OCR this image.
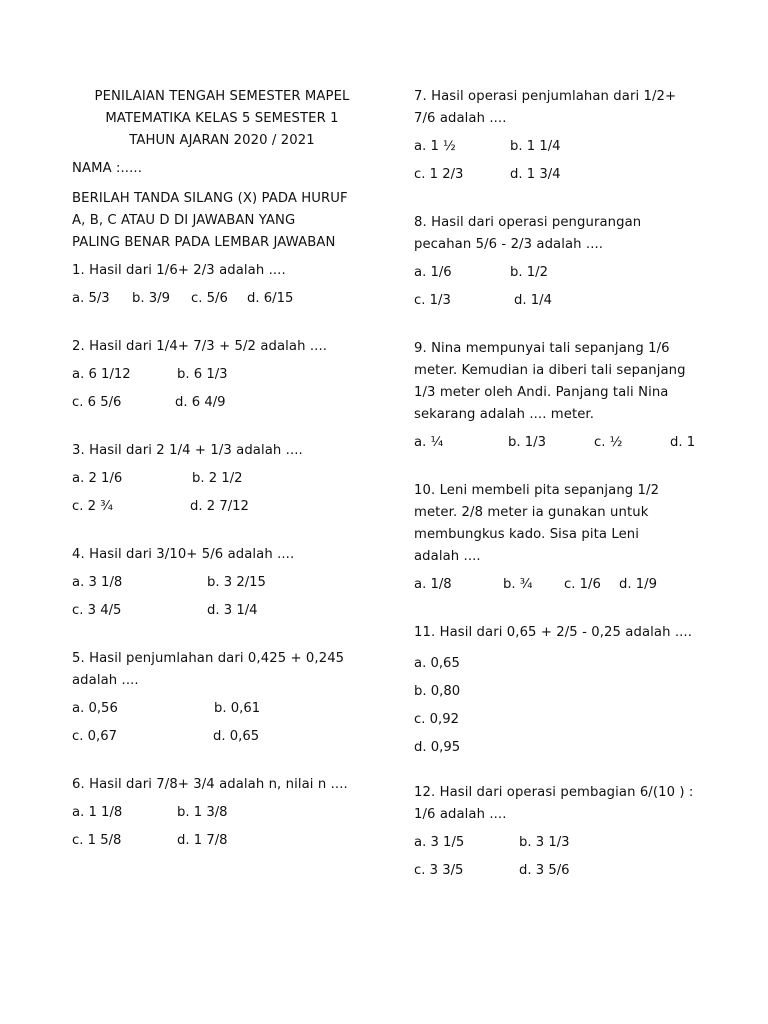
PENILAIAN TENGAH SEMESTER MAPEL
MATEMATIKA KELAS 5 SEMESTER 1
TAHUN AJARAN 2020 / 2021
NAMA :.....
BERILAH TANDA SILANG (X) PADA HURUF
A, B, C ATAU D DI JAWABAN YANG
PALING BENAR PADA LEMBAR JAWABAN
1. Hasil dari 1/6+ 2/3 adalah ....
a. 5/3 b. 3/9 c. 5/6 d. 6/15
2. Hasil dari 1/4+ 7/3 + 5/2 adalah ....
a. 6 1/12	b. 6 1/3
c. 6 5/6	d. 6 4/9
3. Hasil dari 2 1/4 + 1/3 adalah ....
a. 2 1/6	b. 2 1/2
c. 2 ¾	d. 2 7/12
4. Hasil dari 3/10+ 5/6 adalah ....
a. 3 1/8	b. 3 2/15
c. 3 4/5	d. 3 1/4
5. Hasil penjumlahan dari 0,425 + 0,245
adalah ....
a. 0,56	b. 0,61
c. 0,67	d. 0,65
6. Hasil dari 7/8+ 3/4 adalah n, nilai n ....
a. 1 1/8	b. 1 3/8
c. 1 5/8	d. 1 7/8
7. Hasil operasi penjumlahan dari 1/2+
7/6 adalah ....
a. 1 ½	b. 1 1/4
c. 1 2/3	d. 1 3/4
8. Hasil dari operasi pengurangan
pecahan 5/6 - 2/3 adalah ....
a. 1/6	b. 1/2
c. 1/3	d. 1/4
9. Nina mempunyai tali sepanjang 1/6
meter. Kemudian ia diberi tali sepanjang
1/3 meter oleh Andi. Panjang tali Nina
sekarang adalah .... meter.
a. ¼	b. 1/3	c. ½	d. 1
10. Leni membeli pita sepanjang 1/2
meter. 2/8 meter ia gunakan untuk
membungkus kado. Sisa pita Leni
adalah ....
a. 1/8	b. ¾ c. 1/6 d. 1/9
11. Hasil dari 0,65 + 2/5 - 0,25 adalah ....
a. 0,65
b. 0,80
c. 0,92
d. 0,95
12. Hasil dari operasi pembagian 6/(10 ) :
1/6 adalah ....
a. 3 1/5	b. 3 1/3
c. 3 3/5	d. 3 5/6
